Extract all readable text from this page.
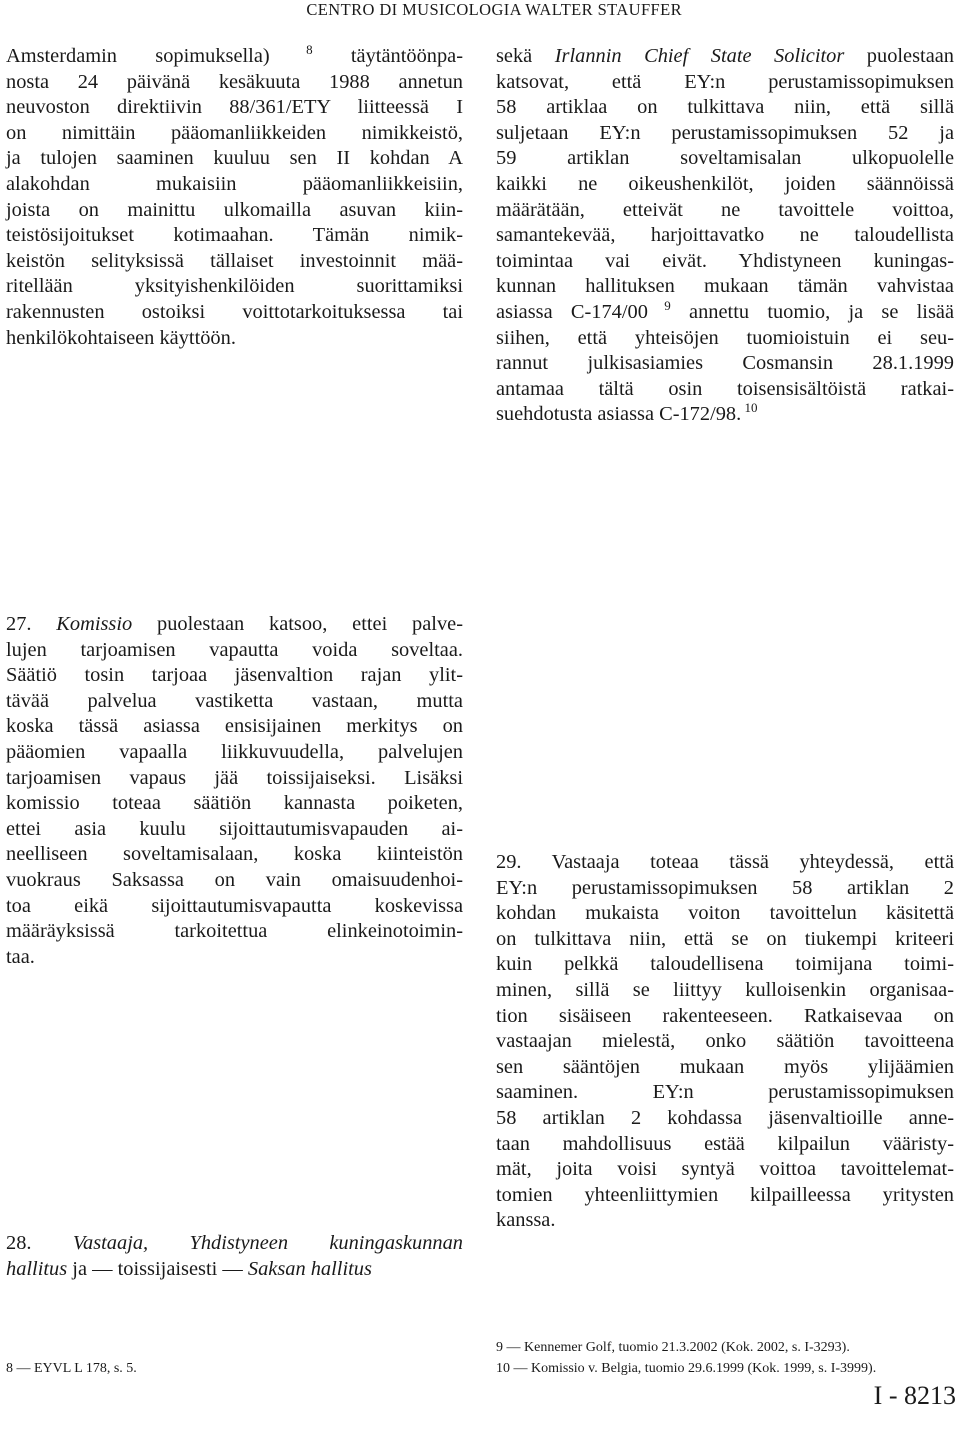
CENTRO DI MUSICOLOGIA WALTER STAUFFER
Amsterdamin sopimuksella) $^8$ täytäntöönpa-
nosta 24 päivänä kesäkuuta 1988 annetun
neuvoston direktiivin 88/361/ETY liitteessä I
on nimittäin pääomanliikkeiden nimikkeistö,
ja tulojen saaminen kuuluu sen II kohdan A
alakohdan mukaisiin pääomanliikkeisiin,
joista on mainittu ulkomailla asuvan kiin-
teistösijoitukset kotimaahan. Tämän nimik-
keistön selityksissä tällaiset investoinnit mää-
ritellään yksityishenkilöiden suorittamiksi
rakennusten ostoiksi voittotarkoituksessa tai
henkilökohtaiseen käyttöön.
sekä Irlannin Chief State Solicitor puolestaan
katsovat, että EY:n perustamissopimuksen
58 artiklaa on tulkittava niin, että sillä
suljetaan EY:n perustamissopimuksen 52 ja
59 artiklan soveltamisalan ulkopuolelle
kaikki ne oikeushenkilöt, joiden säännöissä
määrätään, etteivät ne tavoittele voittoa,
samantekevää, harjoittavatko ne taloudellista
toimintaa vai eivät. Yhdistyneen kuningas-
kunnan hallituksen mukaan tämän vahvistaa
asiassa C-174/00 $^9$ annettu tuomio, ja se lisää
siihen, että yhteisöjen tuomioistuin ei seu-
rannut julkisasiamies Cosmansin 28.1.1999
antamaa tältä osin toisensisältöistä ratkai-
suehdotusta asiassa C-172/98. $^{10}$
27. Komissio puolestaan katsoo, ettei palve-
lujen tarjoamisen vapautta voida soveltaa.
Säätiö tosin tarjoaa jäsenvaltion rajan ylit-
tävää palvelua vastiketta vastaan, mutta
koska tässä asiassa ensisijainen merkitys on
pääomien vapaalla liikkuvuudella, palvelujen
tarjoamisen vapaus jää toissijaiseksi. Lisäksi
komissio toteaa säätiön kannasta poiketen,
ettei asia kuulu sijoittautumisvapauden ai-
neelliseen soveltamisalaan, koska kiinteistön
vuokraus Saksassa on vain omaisuudenhoi-
toa eikä sijoittautumisvapautta koskevissa
määräyksissä tarkoitettua elinkeinotoimin-
taa.
29. Vastaaja toteaa tässä yhteydessä, että
EY:n perustamissopimuksen 58 artiklan 2
kohdan mukaista voiton tavoittelun käsitettä
on tulkittava niin, että se on tiukempi kriteeri
kuin pelkkä taloudellisena toimijana toimi-
minen, sillä se liittyy kulloisenkin organisaa-
tion sisäiseen rakenteeseen. Ratkaisevaa on
vastaajan mielestä, onko säätiön tavoitteena
sen sääntöjen mukaan myös ylijäämien
saaminen. EY:n perustamissopimuksen
58 artiklan 2 kohdassa jäsenvaltioille anne-
taan mahdollisuus estää kilpailun vääristy-
mät, joita voisi syntyä voittoa tavoittelemat-
tomien yhteenliittymien kilpailleessa yritysten
kanssa.
28. Vastaaja, Yhdistyneen kuningaskunnan
hallitus ja — toissijaisesti — Saksan hallitus
8 — EYVL L 178, s. 5.
9 — Kennemer Golf, tuomio 21.3.2002 (Kok. 2002, s. I-3293).
10 — Komissio v. Belgia, tuomio 29.6.1999 (Kok. 1999, s. I-3999).
I - 8213
